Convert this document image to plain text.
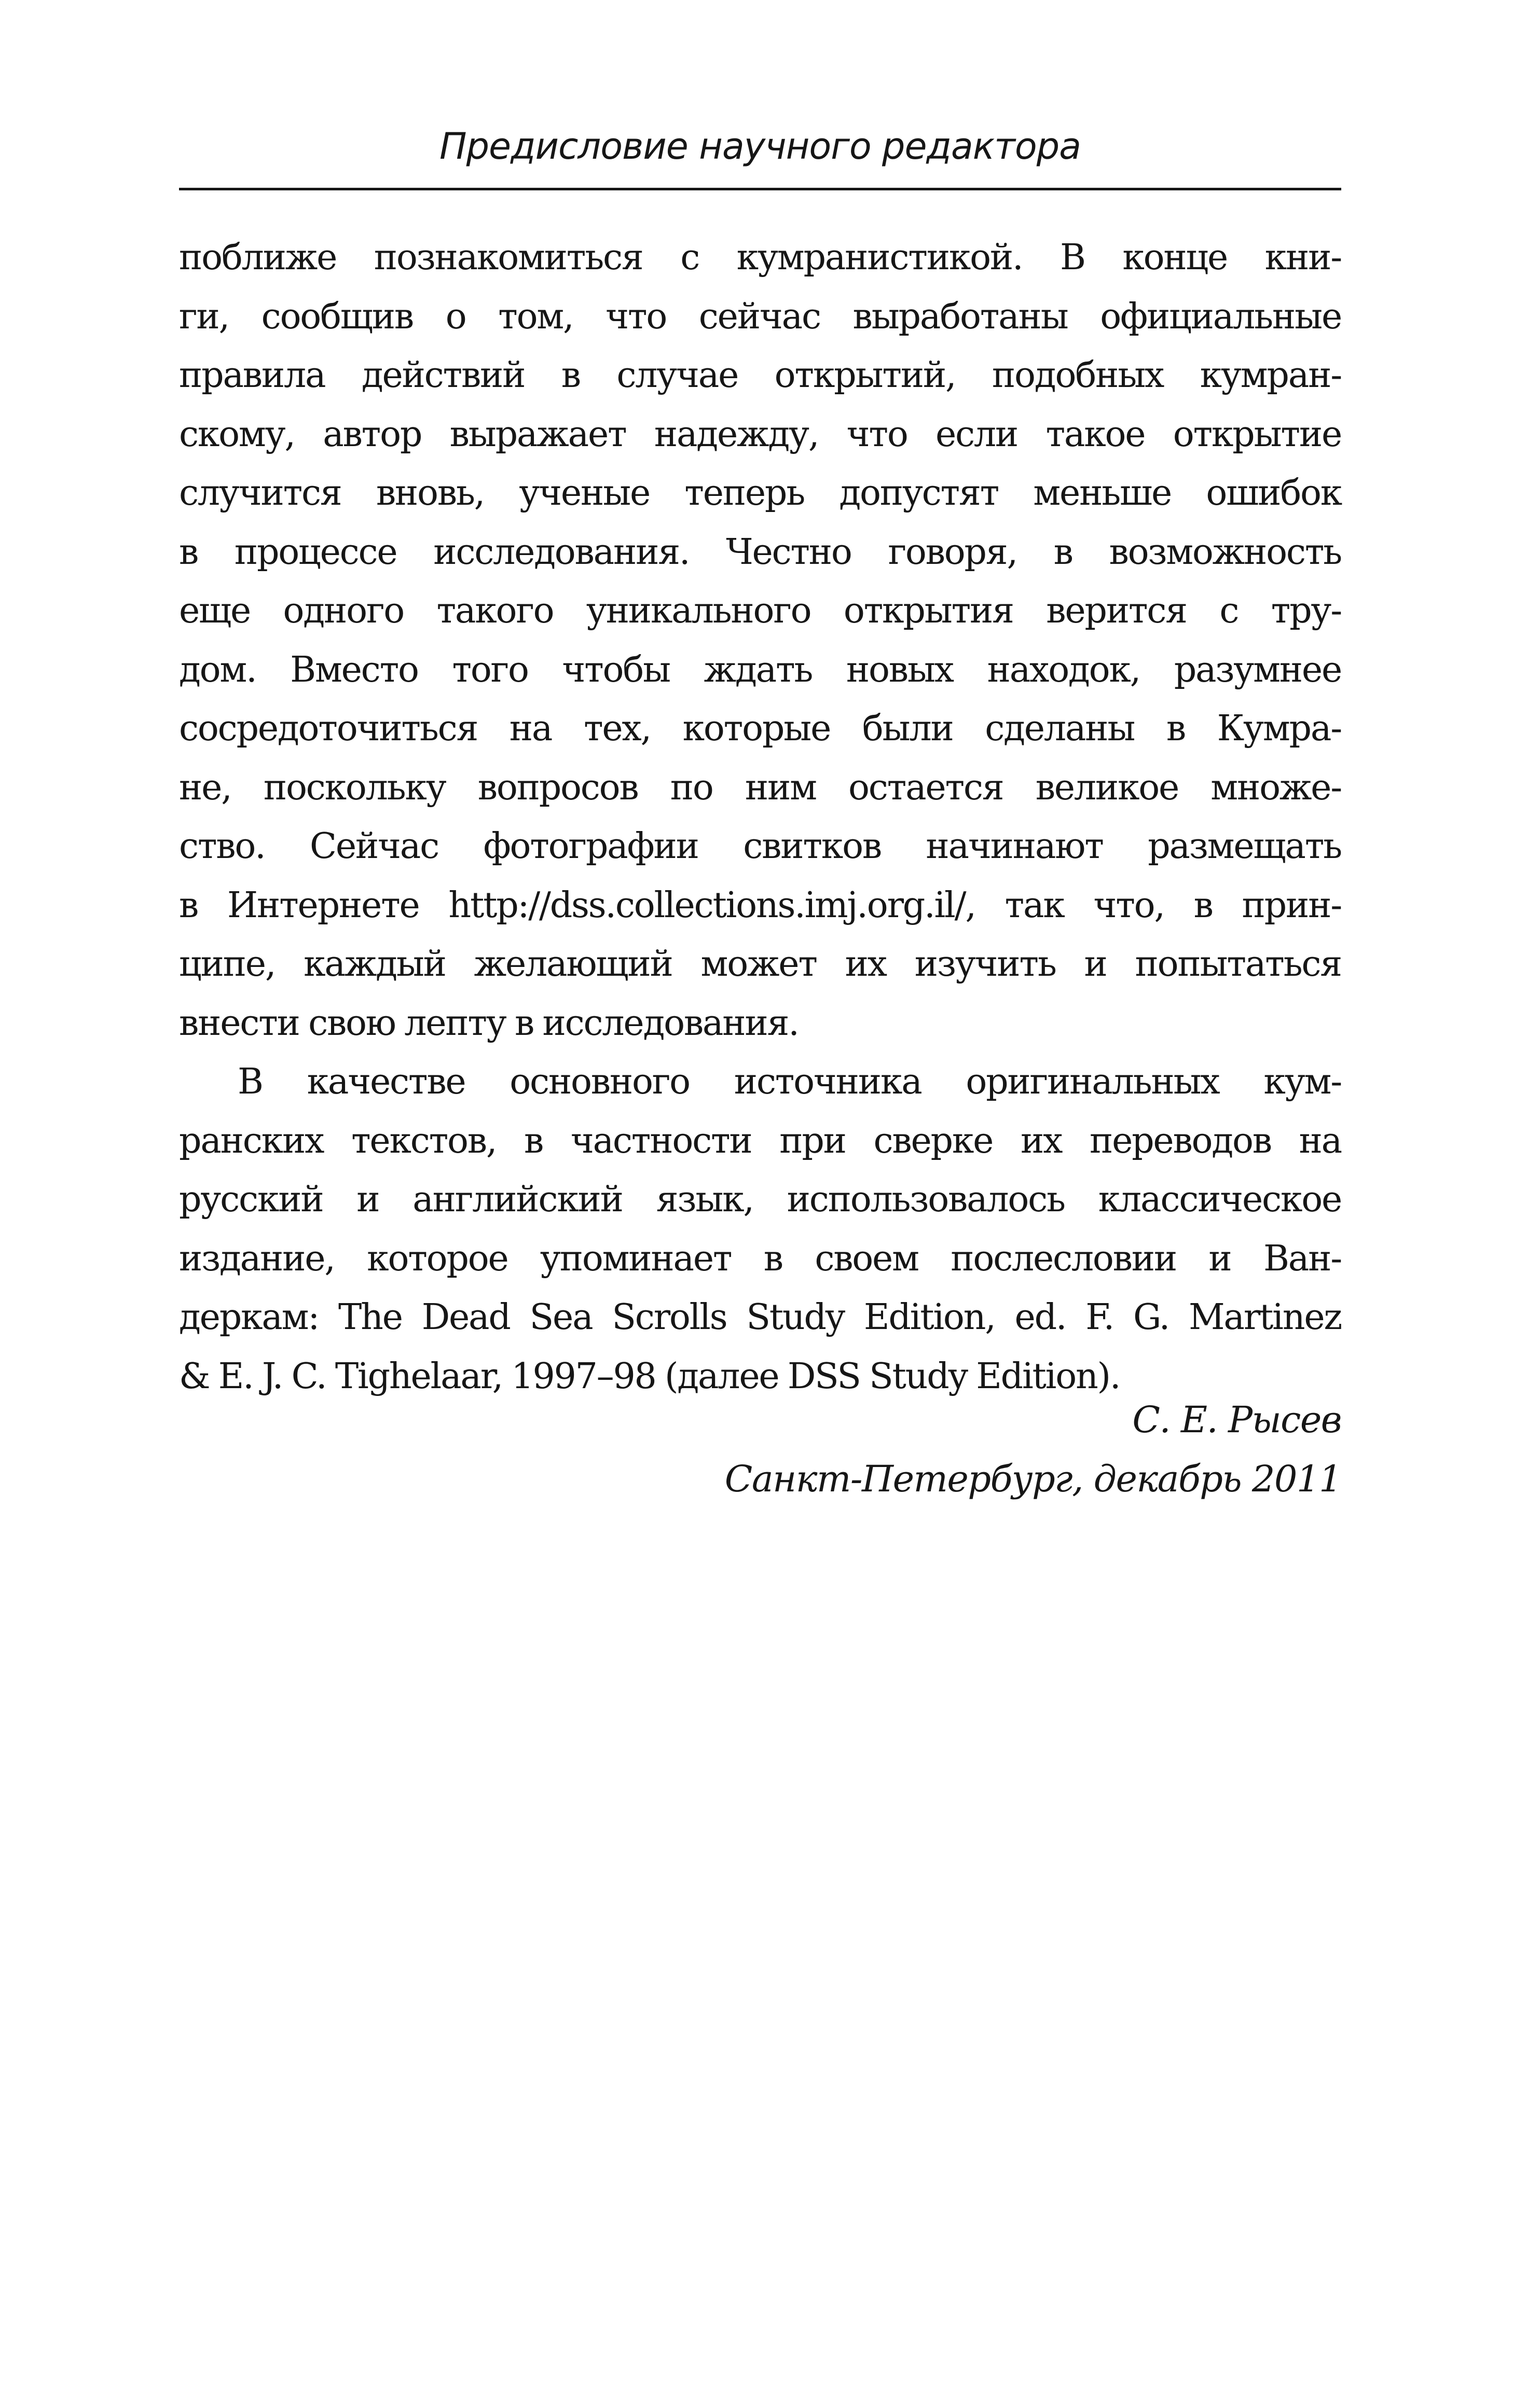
Предисловие научного редактора
поближе познакомиться с кумранистикой. В конце кни-
ги, сообщив о том, что сейчас выработаны официальные
правила действий в случае открытий, подобных кумран-
скому, автор выражает надежду, что если такое открытие
случится вновь, ученые теперь допустят меньше ошибок
в процессе исследования. Честно говоря, в возможность
еще одного такого уникального открытия верится с тру-
дом. Вместо того чтобы ждать новых находок, разумнее
сосредоточиться на тех, которые были сделаны в Кумра-
не, поскольку вопросов по ним остается великое множе-
ство. Сейчас фотографии свитков начинают размещать
в Интернете http://dss.collections.imj.org.il/, так что, в прин-
ципе, каждый желающий может их изучить и попытаться
внести свою лепту в исследования.
В качестве основного источника оригинальных кум-
ранских текстов, в частности при сверке их переводов на
русский и английский язык, использовалось классическое
издание, которое упоминает в своем послесловии и Ван-
деркам: The Dead Sea Scrolls Study Edition, ed. F. G. Martinez
& E. J. C. Tighelaar, 1997–98 (далее DSS Study Edition).
С. Е. Рысев
Санкт-Петербург, декабрь 2011
